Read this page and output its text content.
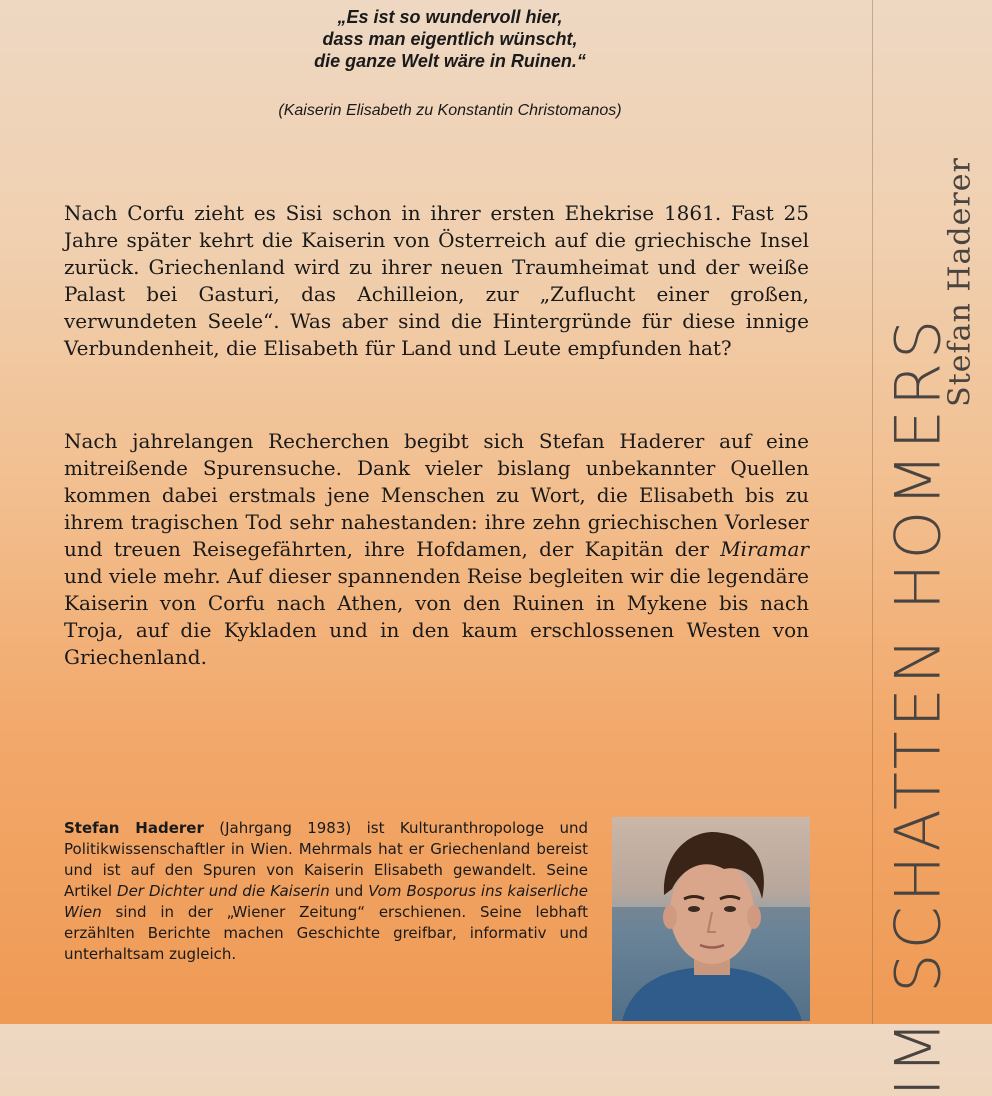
„Es ist so wundervoll hier,
dass man eigentlich wünscht,
die ganze Welt wäre in Ruinen.“
(Kaiserin Elisabeth zu Konstantin Christomanos)

Nach Corfu zieht es Sisi schon in ihrer ersten Ehekrise 1861. Fast 25 Jahre später kehrt die Kaiserin von Österreich auf die griechische Insel zurück. Griechenland wird zu ihrer neuen Traumheimat und der weiße Palast bei Gasturi, das Achilleion, zur „Zuflucht einer großen, verwundeten Seele“. Was aber sind die Hintergründe für diese innige Verbundenheit, die Elisabeth für Land und Leute empfunden hat?

Nach jahrelangen Recherchen begibt sich Stefan Haderer auf eine mitreißende Spurensuche. Dank vieler bislang unbekannter Quellen kommen dabei erstmals jene Menschen zu Wort, die Elisabeth bis zu ihrem tragischen Tod sehr nahestanden: ihre zehn griechischen Vorleser und treuen Reisegefährten, ihre Hofdamen, der Kapitän der Miramar und viele mehr. Auf dieser spannenden Reise begleiten wir die legendäre Kaiserin von Corfu nach Athen, von den Ruinen in Mykene bis nach Troja, auf die Kykladen und in den kaum erschlossenen Westen von Griechenland.

Stefan Haderer (Jahrgang 1983) ist Kulturanthropologe und Politikwissenschaftler in Wien. Mehrmals hat er Griechenland bereist und ist auf den Spuren von Kaiserin Elisabeth gewandelt. Seine Artikel Der Dichter und die Kaiserin und Vom Bosporus ins kaiserliche Wien sind in der „Wiener Zeitung“ erschienen. Seine lebhaft erzählten Berichte machen Geschichte greifbar, informativ und unterhaltsam zugleich.

Stefan Haderer
IM SCHATTEN HOMERS
